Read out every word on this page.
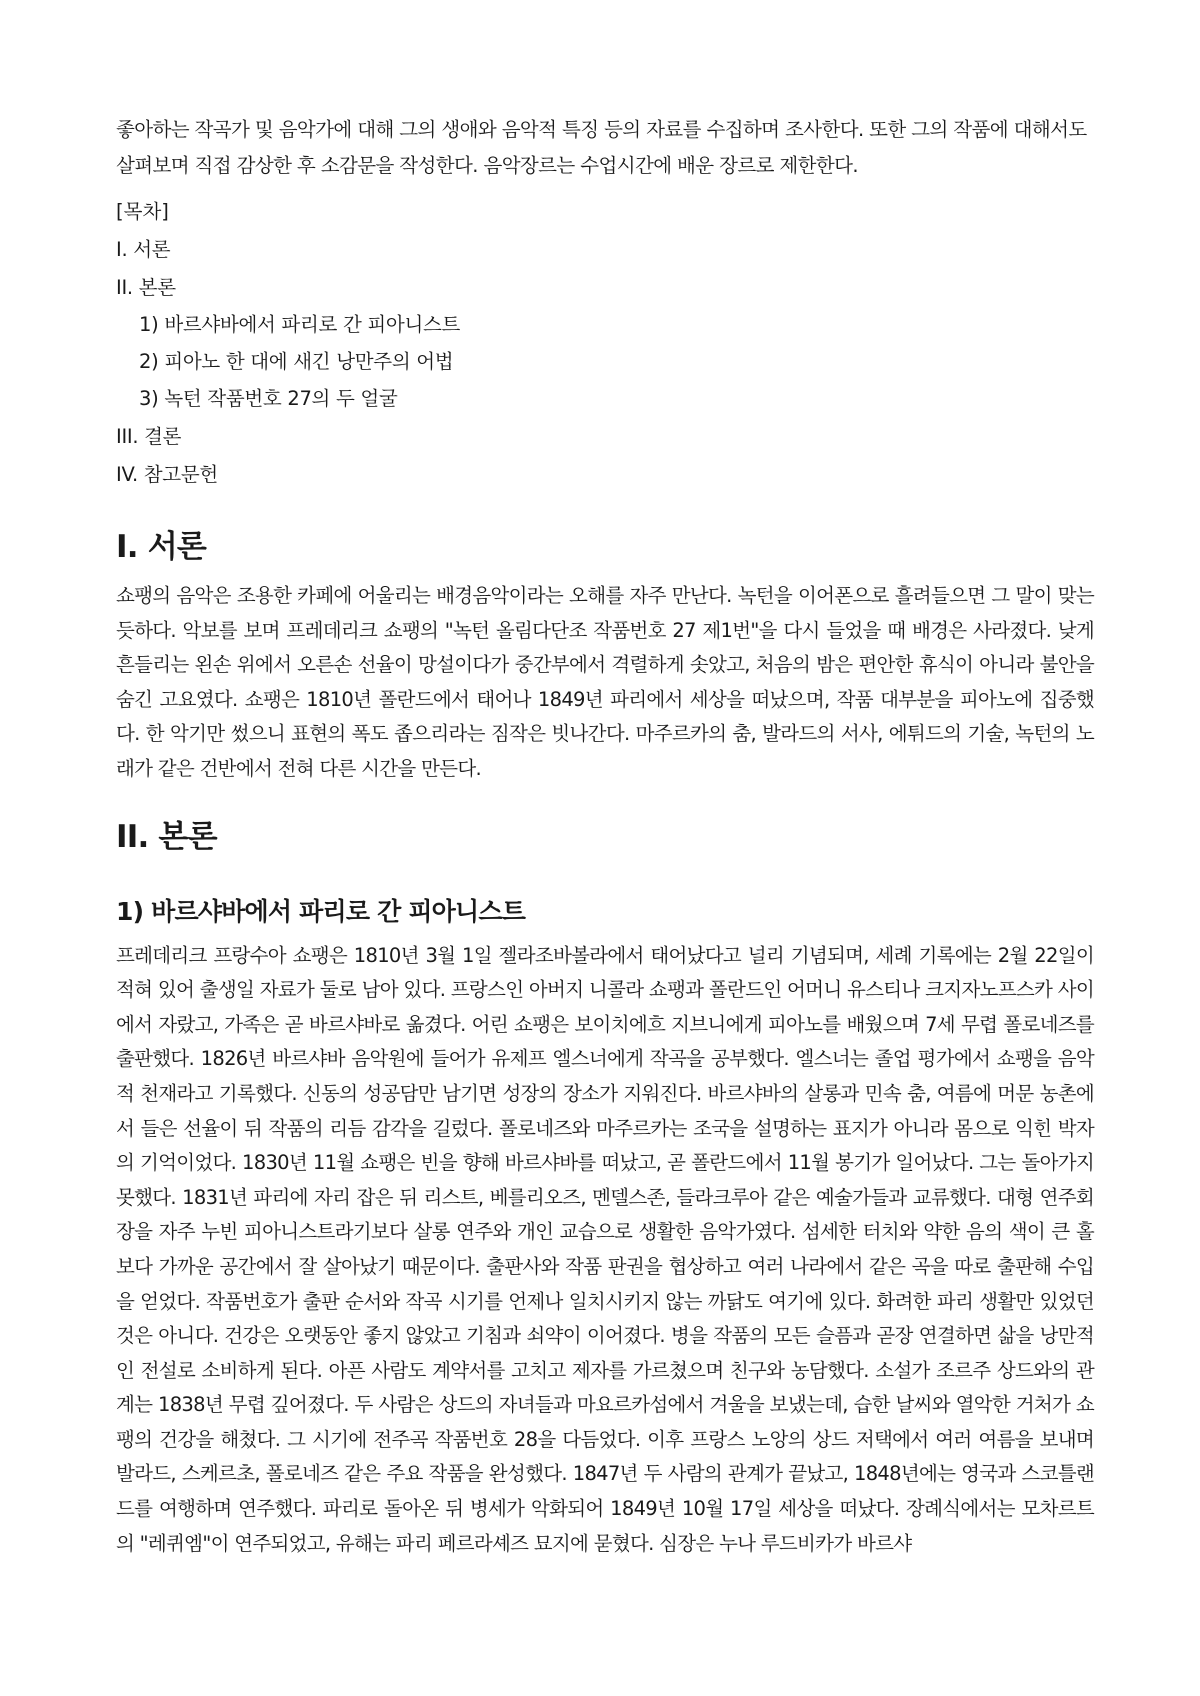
좋아하는 작곡가 및 음악가에 대해 그의 생애와 음악적 특징 등의 자료를 수집하며 조사한다. 또한 그의 작품에 대해서도 살펴보며 직접 감상한 후 소감문을 작성한다. 음악장르는 수업시간에 배운 장르로 제한한다.

[목차]
I. 서론
II. 본론
1) 바르샤바에서 파리로 간 피아니스트
2) 피아노 한 대에 새긴 낭만주의 어법
3) 녹턴 작품번호 27의 두 얼굴
III. 결론
IV. 참고문헌
I. 서론

쇼팽의 음악은 조용한 카페에 어울리는 배경음악이라는 오해를 자주 만난다. 녹턴을 이어폰으로 흘려들으면 그 말이 맞는 듯하다. 악보를 보며 프레데리크 쇼팽의 "녹턴 올림다단조 작품번호 27 제1번"을 다시 들었을 때 배경은 사라졌다. 낮게 흔들리는 왼손 위에서 오른손 선율이 망설이다가 중간부에서 격렬하게 솟았고, 처음의 밤은 편안한 휴식이 아니라 불안을 숨긴 고요였다. 쇼팽은 1810년 폴란드에서 태어나 1849년 파리에서 세상을 떠났으며, 작품 대부분을 피아노에 집중했다. 한 악기만 썼으니 표현의 폭도 좁으리라는 짐작은 빗나간다. 마주르카의 춤, 발라드의 서사, 에튀드의 기술, 녹턴의 노래가 같은 건반에서 전혀 다른 시간을 만든다.

II. 본론
1) 바르샤바에서 파리로 간 피아니스트

프레데리크 프랑수아 쇼팽은 1810년 3월 1일 젤라조바볼라에서 태어났다고 널리 기념되며, 세례 기록에는 2월 22일이 적혀 있어 출생일 자료가 둘로 남아 있다. 프랑스인 아버지 니콜라 쇼팽과 폴란드인 어머니 유스티나 크지자노프스카 사이에서 자랐고, 가족은 곧 바르샤바로 옮겼다. 어린 쇼팽은 보이치에흐 지브니에게 피아노를 배웠으며 7세 무렵 폴로네즈를 출판했다. 1826년 바르샤바 음악원에 들어가 유제프 엘스너에게 작곡을 공부했다. 엘스너는 졸업 평가에서 쇼팽을 음악적 천재라고 기록했다. 신동의 성공담만 남기면 성장의 장소가 지워진다. 바르샤바의 살롱과 민속 춤, 여름에 머문 농촌에서 들은 선율이 뒤 작품의 리듬 감각을 길렀다. 폴로네즈와 마주르카는 조국을 설명하는 표지가 아니라 몸으로 익힌 박자의 기억이었다. 1830년 11월 쇼팽은 빈을 향해 바르샤바를 떠났고, 곧 폴란드에서 11월 봉기가 일어났다. 그는 돌아가지 못했다. 1831년 파리에 자리 잡은 뒤 리스트, 베를리오즈, 멘델스존, 들라크루아 같은 예술가들과 교류했다. 대형 연주회장을 자주 누빈 피아니스트라기보다 살롱 연주와 개인 교습으로 생활한 음악가였다. 섬세한 터치와 약한 음의 색이 큰 홀보다 가까운 공간에서 잘 살아났기 때문이다. 출판사와 작품 판권을 협상하고 여러 나라에서 같은 곡을 따로 출판해 수입을 얻었다. 작품번호가 출판 순서와 작곡 시기를 언제나 일치시키지 않는 까닭도 여기에 있다. 화려한 파리 생활만 있었던 것은 아니다. 건강은 오랫동안 좋지 않았고 기침과 쇠약이 이어졌다. 병을 작품의 모든 슬픔과 곧장 연결하면 삶을 낭만적인 전설로 소비하게 된다. 아픈 사람도 계약서를 고치고 제자를 가르쳤으며 친구와 농담했다. 소설가 조르주 상드와의 관계는 1838년 무렵 깊어졌다. 두 사람은 상드의 자녀들과 마요르카섬에서 겨울을 보냈는데, 습한 날씨와 열악한 거처가 쇼팽의 건강을 해쳤다. 그 시기에 전주곡 작품번호 28을 다듬었다. 이후 프랑스 노앙의 상드 저택에서 여러 여름을 보내며 발라드, 스케르초, 폴로네즈 같은 주요 작품을 완성했다. 1847년 두 사람의 관계가 끝났고, 1848년에는 영국과 스코틀랜드를 여행하며 연주했다. 파리로 돌아온 뒤 병세가 악화되어 1849년 10월 17일 세상을 떠났다. 장례식에서는 모차르트의 "레퀴엠"이 연주되었고, 유해는 파리 페르라셰즈 묘지에 묻혔다. 심장은 누나 루드비카가 바르샤
